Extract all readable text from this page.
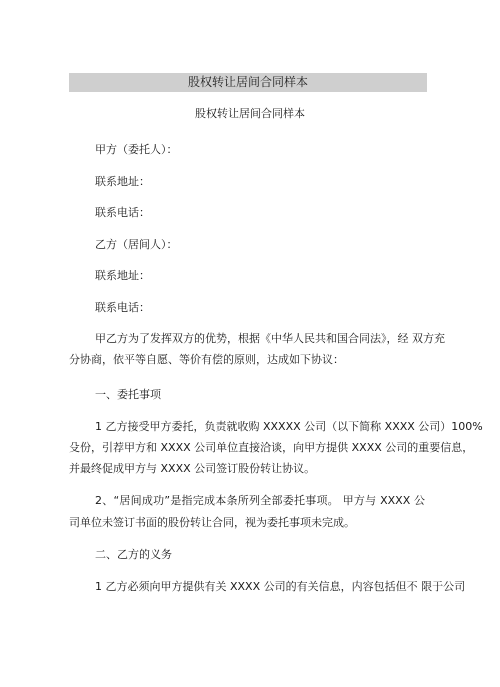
股权转让居间合同样本
股权转让居间合同样本
甲方（委托人）：
联系地址：
联系电话：
乙方（居间人）：
联系地址：
联系电话：
甲乙方为了发挥双方的优势，根据《中华人民共和国合同法》，经 双方充
分协商，依平等自愿、等价有偿的原则，达成如下协议：
一、委托事项
1 乙方接受甲方委托，负责就收购 XXXXX 公司（以下简称 XXXX 公司）100%
殳份，引荐甲方和 XXXX 公司单位直接洽谈，向甲方提供 XXXX 公司的重要信息，
并最终促成甲方与 XXXX 公司签订股份转让协议。
2、“居间成功”是指完成本条所列全部委托事项。 甲方与 XXXX 公
司单位未签订书面的股份转让合同，视为委托事项未完成。
二、乙方的义务
1 乙方必须向甲方提供有关 XXXX 公司的有关信息，内容包括但不 限于公司
